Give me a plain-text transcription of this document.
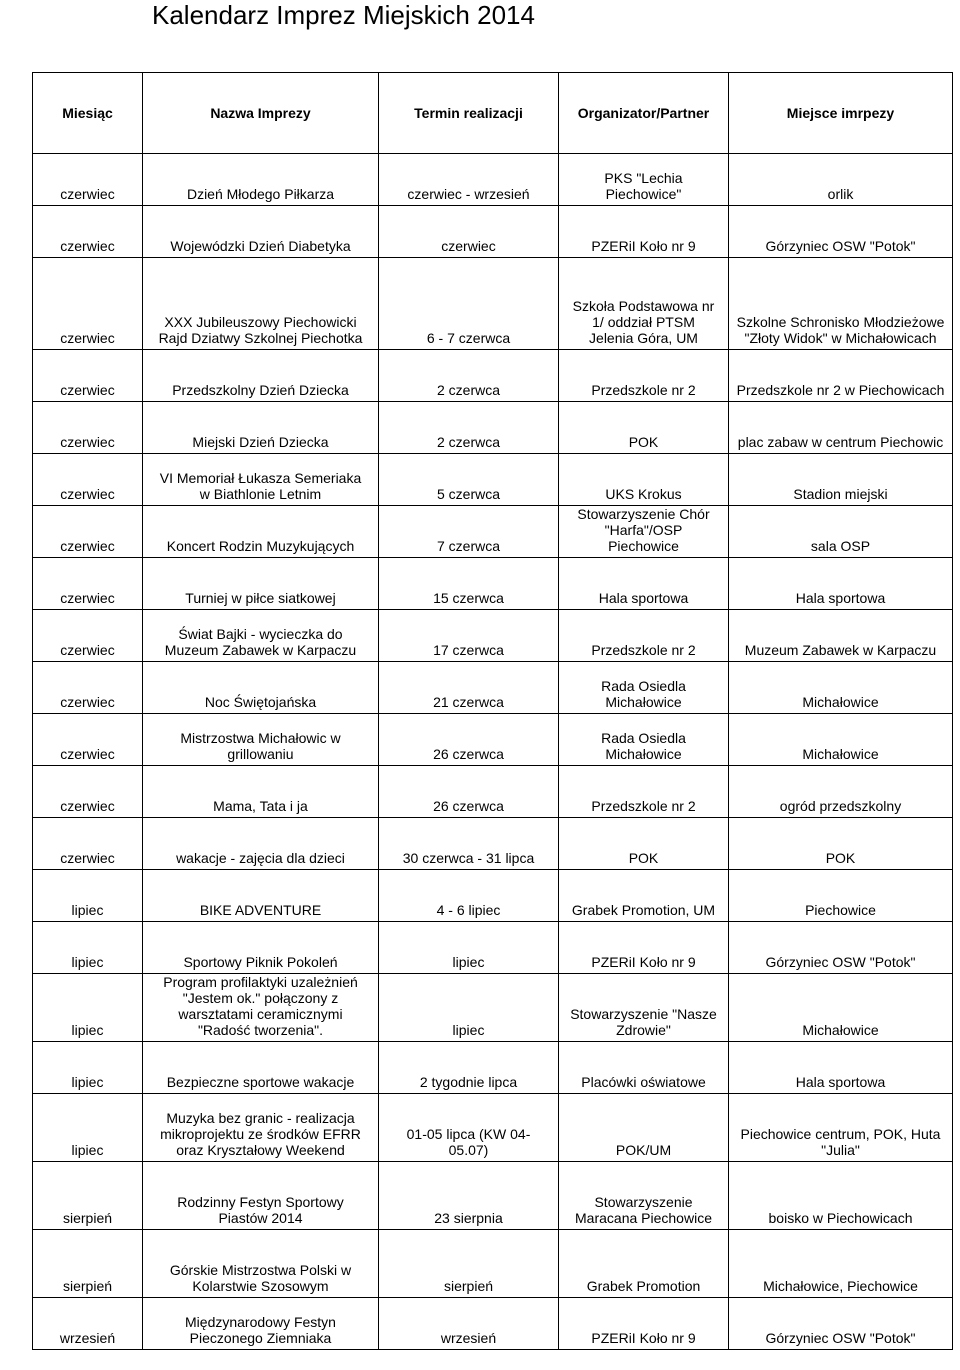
Kalendarz Imprez Miejskich 2014
Miesiąc	Nazwa Imprezy	Termin realizacji	Organizator/Partner	Miejsce imrpezy

czerwiec	Dzień Młodego Piłkarza	czerwiec - wrzesień	PKS "Lechia
Piechowice"	orlik

czerwiec	Wojewódzki Dzień Diabetyka	czerwiec	PZERiI Koło nr 9	Górzyniec OSW "Potok"

czerwiec	XXX Jubileuszowy Piechowicki
Rajd Dziatwy Szkolnej Piechotka	6 - 7 czerwca	Szkoła Podstawowa nr
1/ oddział PTSM
Jelenia Góra, UM	Szkolne Schronisko Młodzieżowe
"Złoty Widok" w Michałowicach

czerwiec	Przedszkolny Dzień Dziecka	2 czerwca	Przedszkole nr 2	Przedszkole nr 2 w Piechowicach

czerwiec	Miejski Dzień Dziecka	2 czerwca	POK	plac zabaw w centrum Piechowic

czerwiec	VI Memoriał Łukasza Semeriaka
w Biathlonie Letnim	5 czerwca	UKS Krokus	Stadion miejski

czerwiec	Koncert Rodzin Muzykujących	7 czerwca	Stowarzyszenie Chór
"Harfa"/OSP
Piechowice	sala OSP

czerwiec	Turniej w piłce siatkowej	15 czerwca	Hala sportowa	Hala sportowa

czerwiec	Świat Bajki - wycieczka do
Muzeum Zabawek w Karpaczu	17 czerwca	Przedszkole nr 2	Muzeum Zabawek w Karpaczu

czerwiec	Noc Świętojańska	21 czerwca	Rada Osiedla
Michałowice	Michałowice

czerwiec	Mistrzostwa Michałowic w
grillowaniu	26 czerwca	Rada Osiedla
Michałowice	Michałowice

czerwiec	Mama, Tata i ja	26 czerwca	Przedszkole nr 2	ogród przedszkolny

czerwiec	wakacje - zajęcia dla dzieci	30 czerwca - 31 lipca	POK	POK

lipiec	BIKE ADVENTURE	4 - 6 lipiec	Grabek Promotion, UM	Piechowice

lipiec	Sportowy Piknik Pokoleń	lipiec	PZERiI Koło nr 9	Górzyniec OSW "Potok"

lipiec	Program profilaktyki uzależnień
"Jestem ok." połączony z
warsztatami ceramicznymi
"Radość tworzenia".	lipiec	Stowarzyszenie "Nasze
Zdrowie"	Michałowice

lipiec	Bezpieczne sportowe wakacje	2 tygodnie lipca	Placówki oświatowe	Hala sportowa

lipiec	Muzyka bez granic - realizacja
mikroprojektu ze środków EFRR
oraz Kryształowy Weekend	01-05 lipca (KW 04-
05.07)	POK/UM	Piechowice centrum, POK, Huta
"Julia"

sierpień	Rodzinny Festyn Sportowy
Piastów 2014	23 sierpnia	Stowarzyszenie
Maracana Piechowice	boisko w Piechowicach

sierpień	Górskie Mistrzostwa Polski w
Kolarstwie Szosowym	sierpień	Grabek Promotion	Michałowice, Piechowice

wrzesień	Międzynarodowy Festyn
Pieczonego Ziemniaka	wrzesień	PZERiI Koło nr 9	Górzyniec OSW "Potok"
